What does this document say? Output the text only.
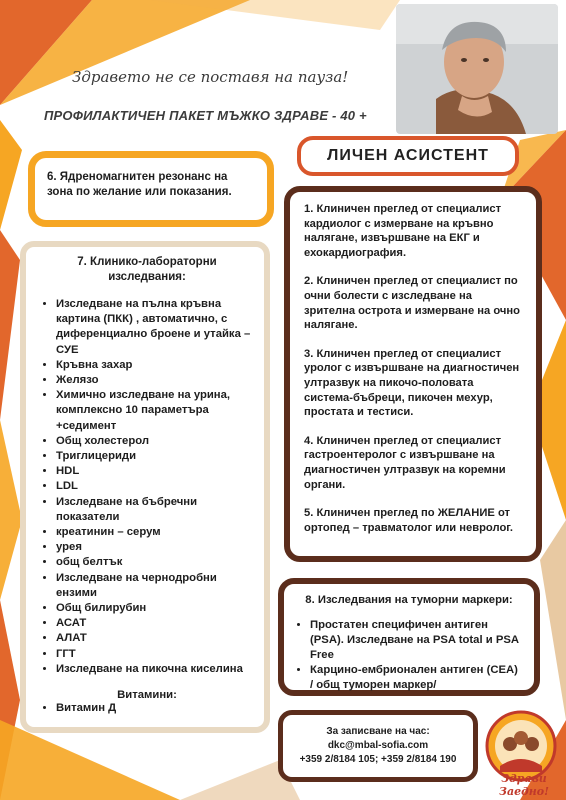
Здравето не се поставя на пауза!
ПРОФИЛАКТИЧЕН ПАКЕТ МЪЖКО ЗДРАВЕ - 40 +
6. Ядреномагнитен резонанс на
зона по желание или показания.
ЛИЧЕН АСИСТЕНТ
7. Клинико-лабораторни
изследвания:
• Изследване на пълна кръвна картина (ПКК) , автоматично, с диференциално броене и утайка – СУЕ
• Кръвна захар
• Желязо
• Химично изследване на урина, комплексно 10 параметъра +седимент
• Общ холестерол
• Триглицериди
• HDL
• LDL
• Изследване на бъбречни показатели
• креатинин – серум
• урея
• общ белтък
• Изследване на чернодробни ензими
• Общ билирубин
• АСАТ
• АЛАТ
• ГГТ
• Изследване на пикочна киселина
Витамини:
• Витамин Д

1. Клиничен преглед от специалист кардиолог с измерване на кръвно налягане, извършване на ЕКГ и ехокардиография.

2. Клиничен преглед от специалист по очни болести с изследване на зрителна острота и измерване на очно налягане.

3. Клиничен преглед от специалист уролог с извършване на диагностичен ултразвук на пикочо-половата система-бъбреци, пикочен мехур, простата и тестиси.

4. Клиничен преглед от специалист гастроентеролог с извършване на диагностичен ултразвук на коремни органи.

5. Клиничен преглед по ЖЕЛАНИЕ от ортопед – травматолог или невролог.

8. Изследвания на туморни маркери:
• Простатен специфичен антиген (PSA). Изследване на PSA total и PSA Free
• Карцино-ембрионален антиген (CEA) / общ туморен маркер/
За записване на час:
dkc@mbal-sofia.com
+359 2/8184 105; +359 2/8184 190
Здрави Заедно!
